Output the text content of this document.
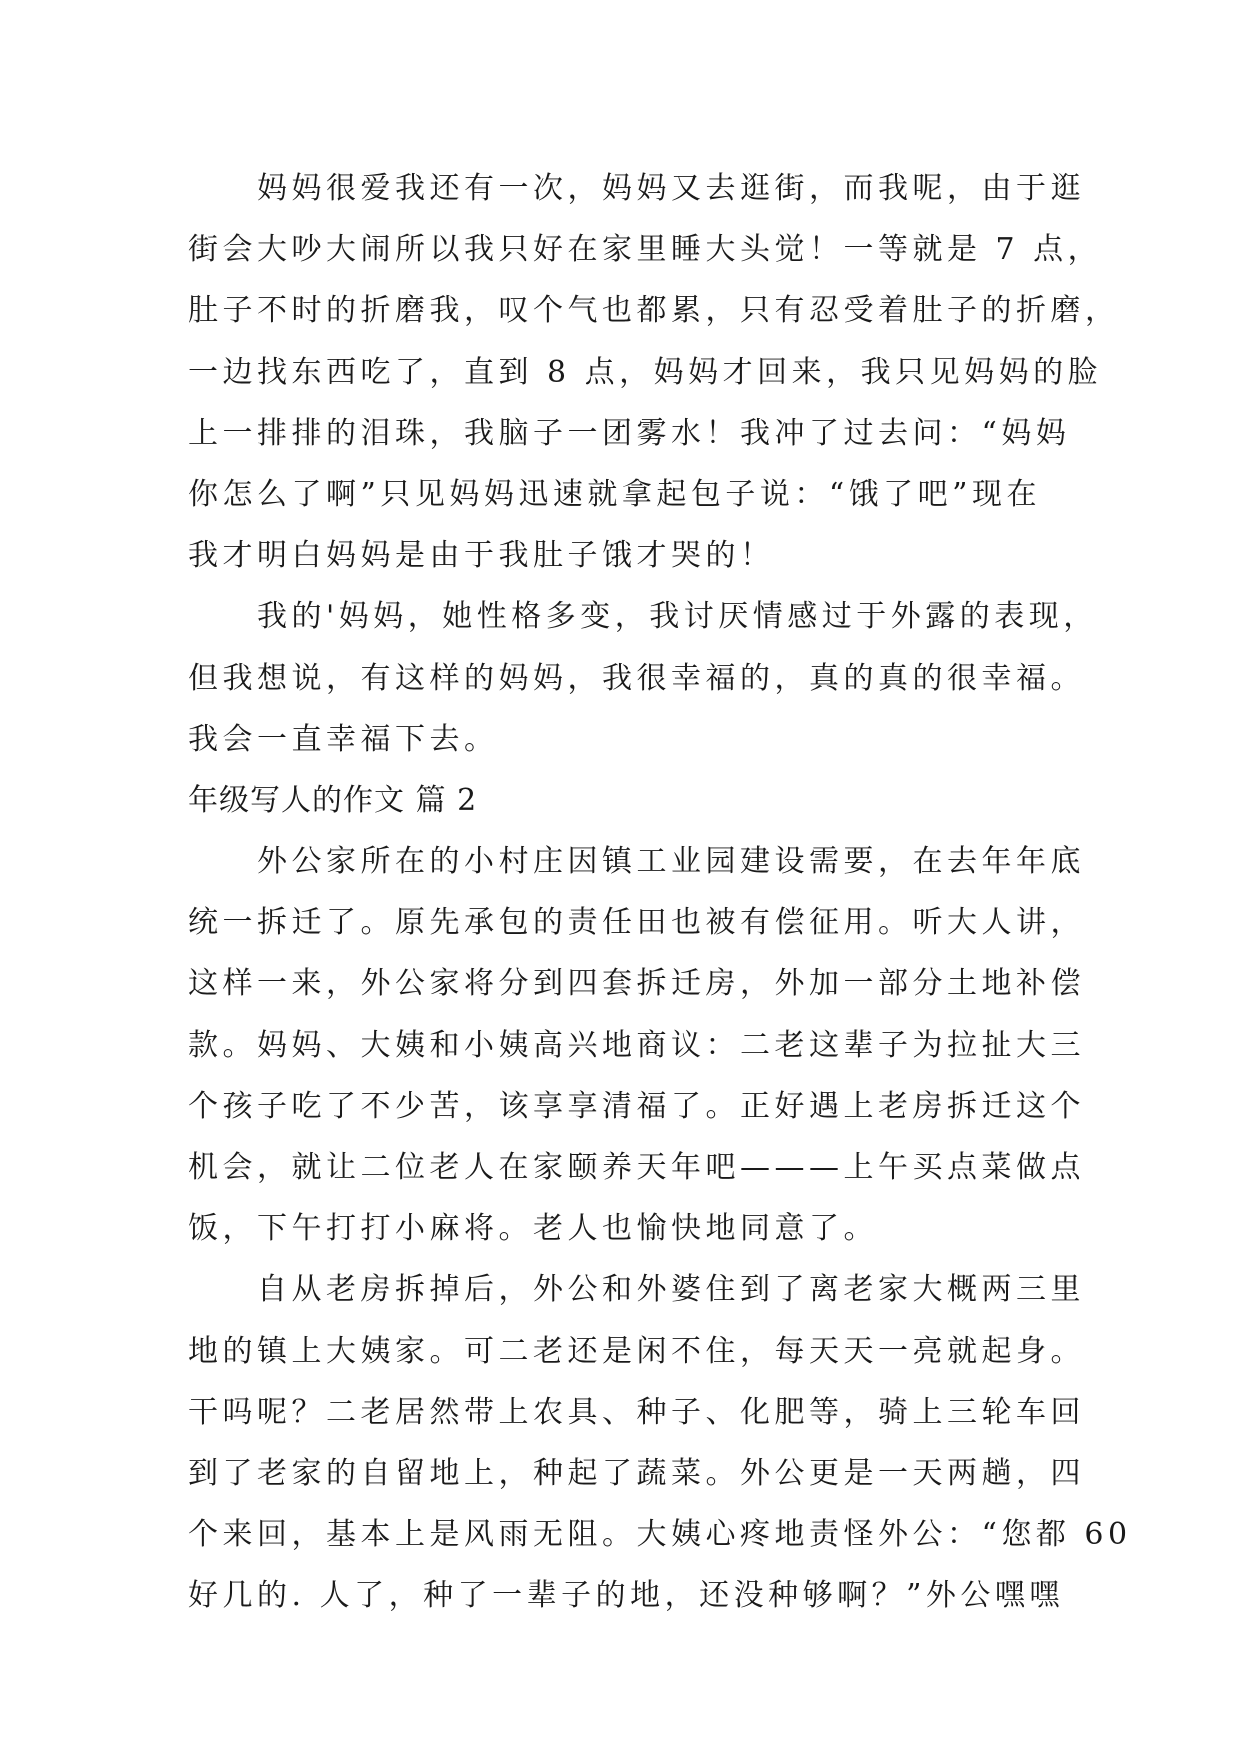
　　妈妈很爱我还有一次，妈妈又去逛街，而我呢，由于逛
街会大吵大闹所以我只好在家里睡大头觉！一等就是 7 点，
肚子不时的折磨我，叹个气也都累，只有忍受着肚子的折磨，
一边找东西吃了，直到 8 点，妈妈才回来，我只见妈妈的脸
上一排排的泪珠，我脑子一团雾水！我冲了过去问：“妈妈
你怎么了啊”只见妈妈迅速就拿起包子说：“饿了吧”现在
我才明白妈妈是由于我肚子饿才哭的！
　　我的'妈妈，她性格多变，我讨厌情感过于外露的表现，
但我想说，有这样的妈妈，我很幸福的，真的真的很幸福。
我会一直幸福下去。
年级写人的作文 篇 2
　　外公家所在的小村庄因镇工业园建设需要，在去年年底
统一拆迁了。原先承包的责任田也被有偿征用。听大人讲，
这样一来，外公家将分到四套拆迁房，外加一部分土地补偿
款。妈妈、大姨和小姨高兴地商议：二老这辈子为拉扯大三
个孩子吃了不少苦，该享享清福了。正好遇上老房拆迁这个
机会，就让二位老人在家颐养天年吧———上午买点菜做点
饭，下午打打小麻将。老人也愉快地同意了。
　　自从老房拆掉后，外公和外婆住到了离老家大概两三里
地的镇上大姨家。可二老还是闲不住，每天天一亮就起身。
干吗呢？二老居然带上农具、种子、化肥等，骑上三轮车回
到了老家的自留地上，种起了蔬菜。外公更是一天两趟，四
个来回，基本上是风雨无阻。大姨心疼地责怪外公：“您都 60
好几的. 人了，种了一辈子的地，还没种够啊？”外公嘿嘿
